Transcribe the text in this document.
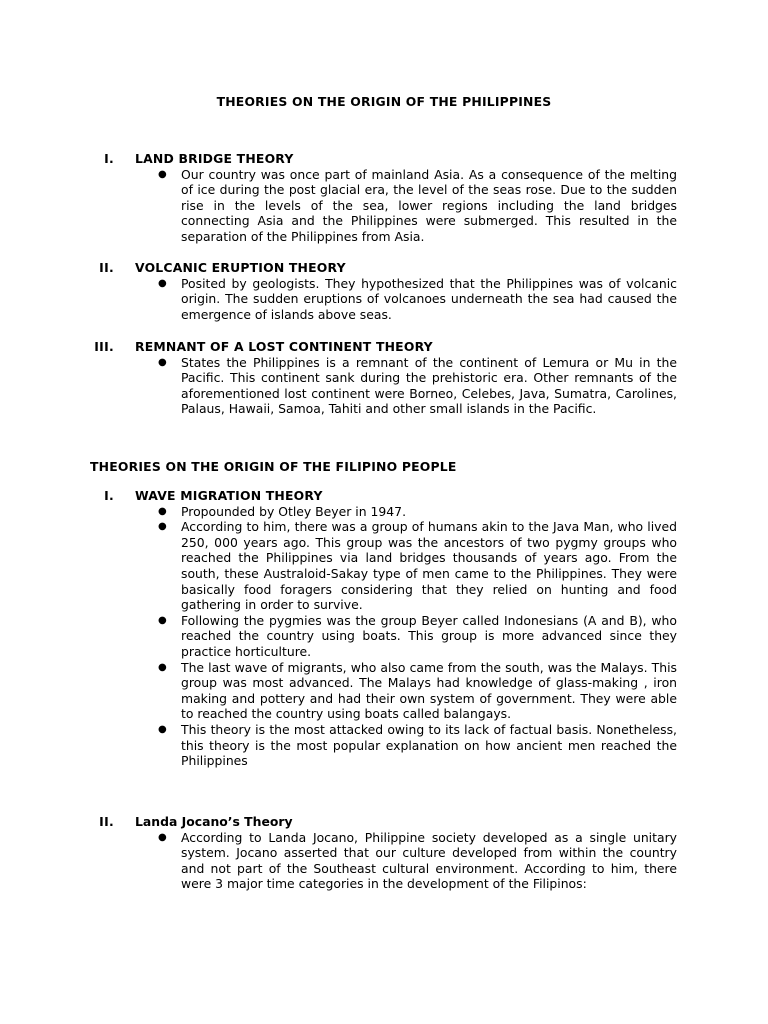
THEORIES ON THE ORIGIN OF THE PHILIPPINES
I. LAND BRIDGE THEORY
● Our country was once part of mainland Asia. As a consequence of the melting of ice during the post glacial era, the level of the seas rose. Due to the sudden rise in the levels of the sea, lower regions including the land bridges connecting Asia and the Philippines were submerged. This resulted in the separation of the Philippines from Asia.
II. VOLCANIC ERUPTION THEORY
● Posited by geologists. They hypothesized that the Philippines was of volcanic origin. The sudden eruptions of volcanoes underneath the sea had caused the emergence of islands above seas.
III. REMNANT OF A LOST CONTINENT THEORY
● States the Philippines is a remnant of the continent of Lemura or Mu in the Pacific. This continent sank during the prehistoric era. Other remnants of the aforementioned lost continent were Borneo, Celebes, Java, Sumatra, Carolines, Palaus, Hawaii, Samoa, Tahiti and other small islands in the Pacific.
THEORIES ON THE ORIGIN OF THE FILIPINO PEOPLE
I. WAVE MIGRATION THEORY
● Propounded by Otley Beyer in 1947.
● According to him, there was a group of humans akin to the Java Man, who lived 250, 000 years ago. This group was the ancestors of two pygmy groups who reached the Philippines via land bridges thousands of years ago. From the south, these Australoid-Sakay type of men came to the Philippines. They were basically food foragers considering that they relied on hunting and food gathering in order to survive.
● Following the pygmies was the group Beyer called Indonesians (A and B), who reached the country using boats. This group is more advanced since they practice horticulture.
● The last wave of migrants, who also came from the south, was the Malays. This group was most advanced. The Malays had knowledge of glass-making , iron making and pottery and had their own system of government. They were able to reached the country using boats called balangays.
● This theory is the most attacked owing to its lack of factual basis. Nonetheless, this theory is the most popular explanation on how ancient men reached the Philippines
II. Landa Jocano’s Theory
● According to Landa Jocano, Philippine society developed as a single unitary system. Jocano asserted that our culture developed from within the country and not part of the Southeast cultural environment. According to him, there were 3 major time categories in the development of the Filipinos:
